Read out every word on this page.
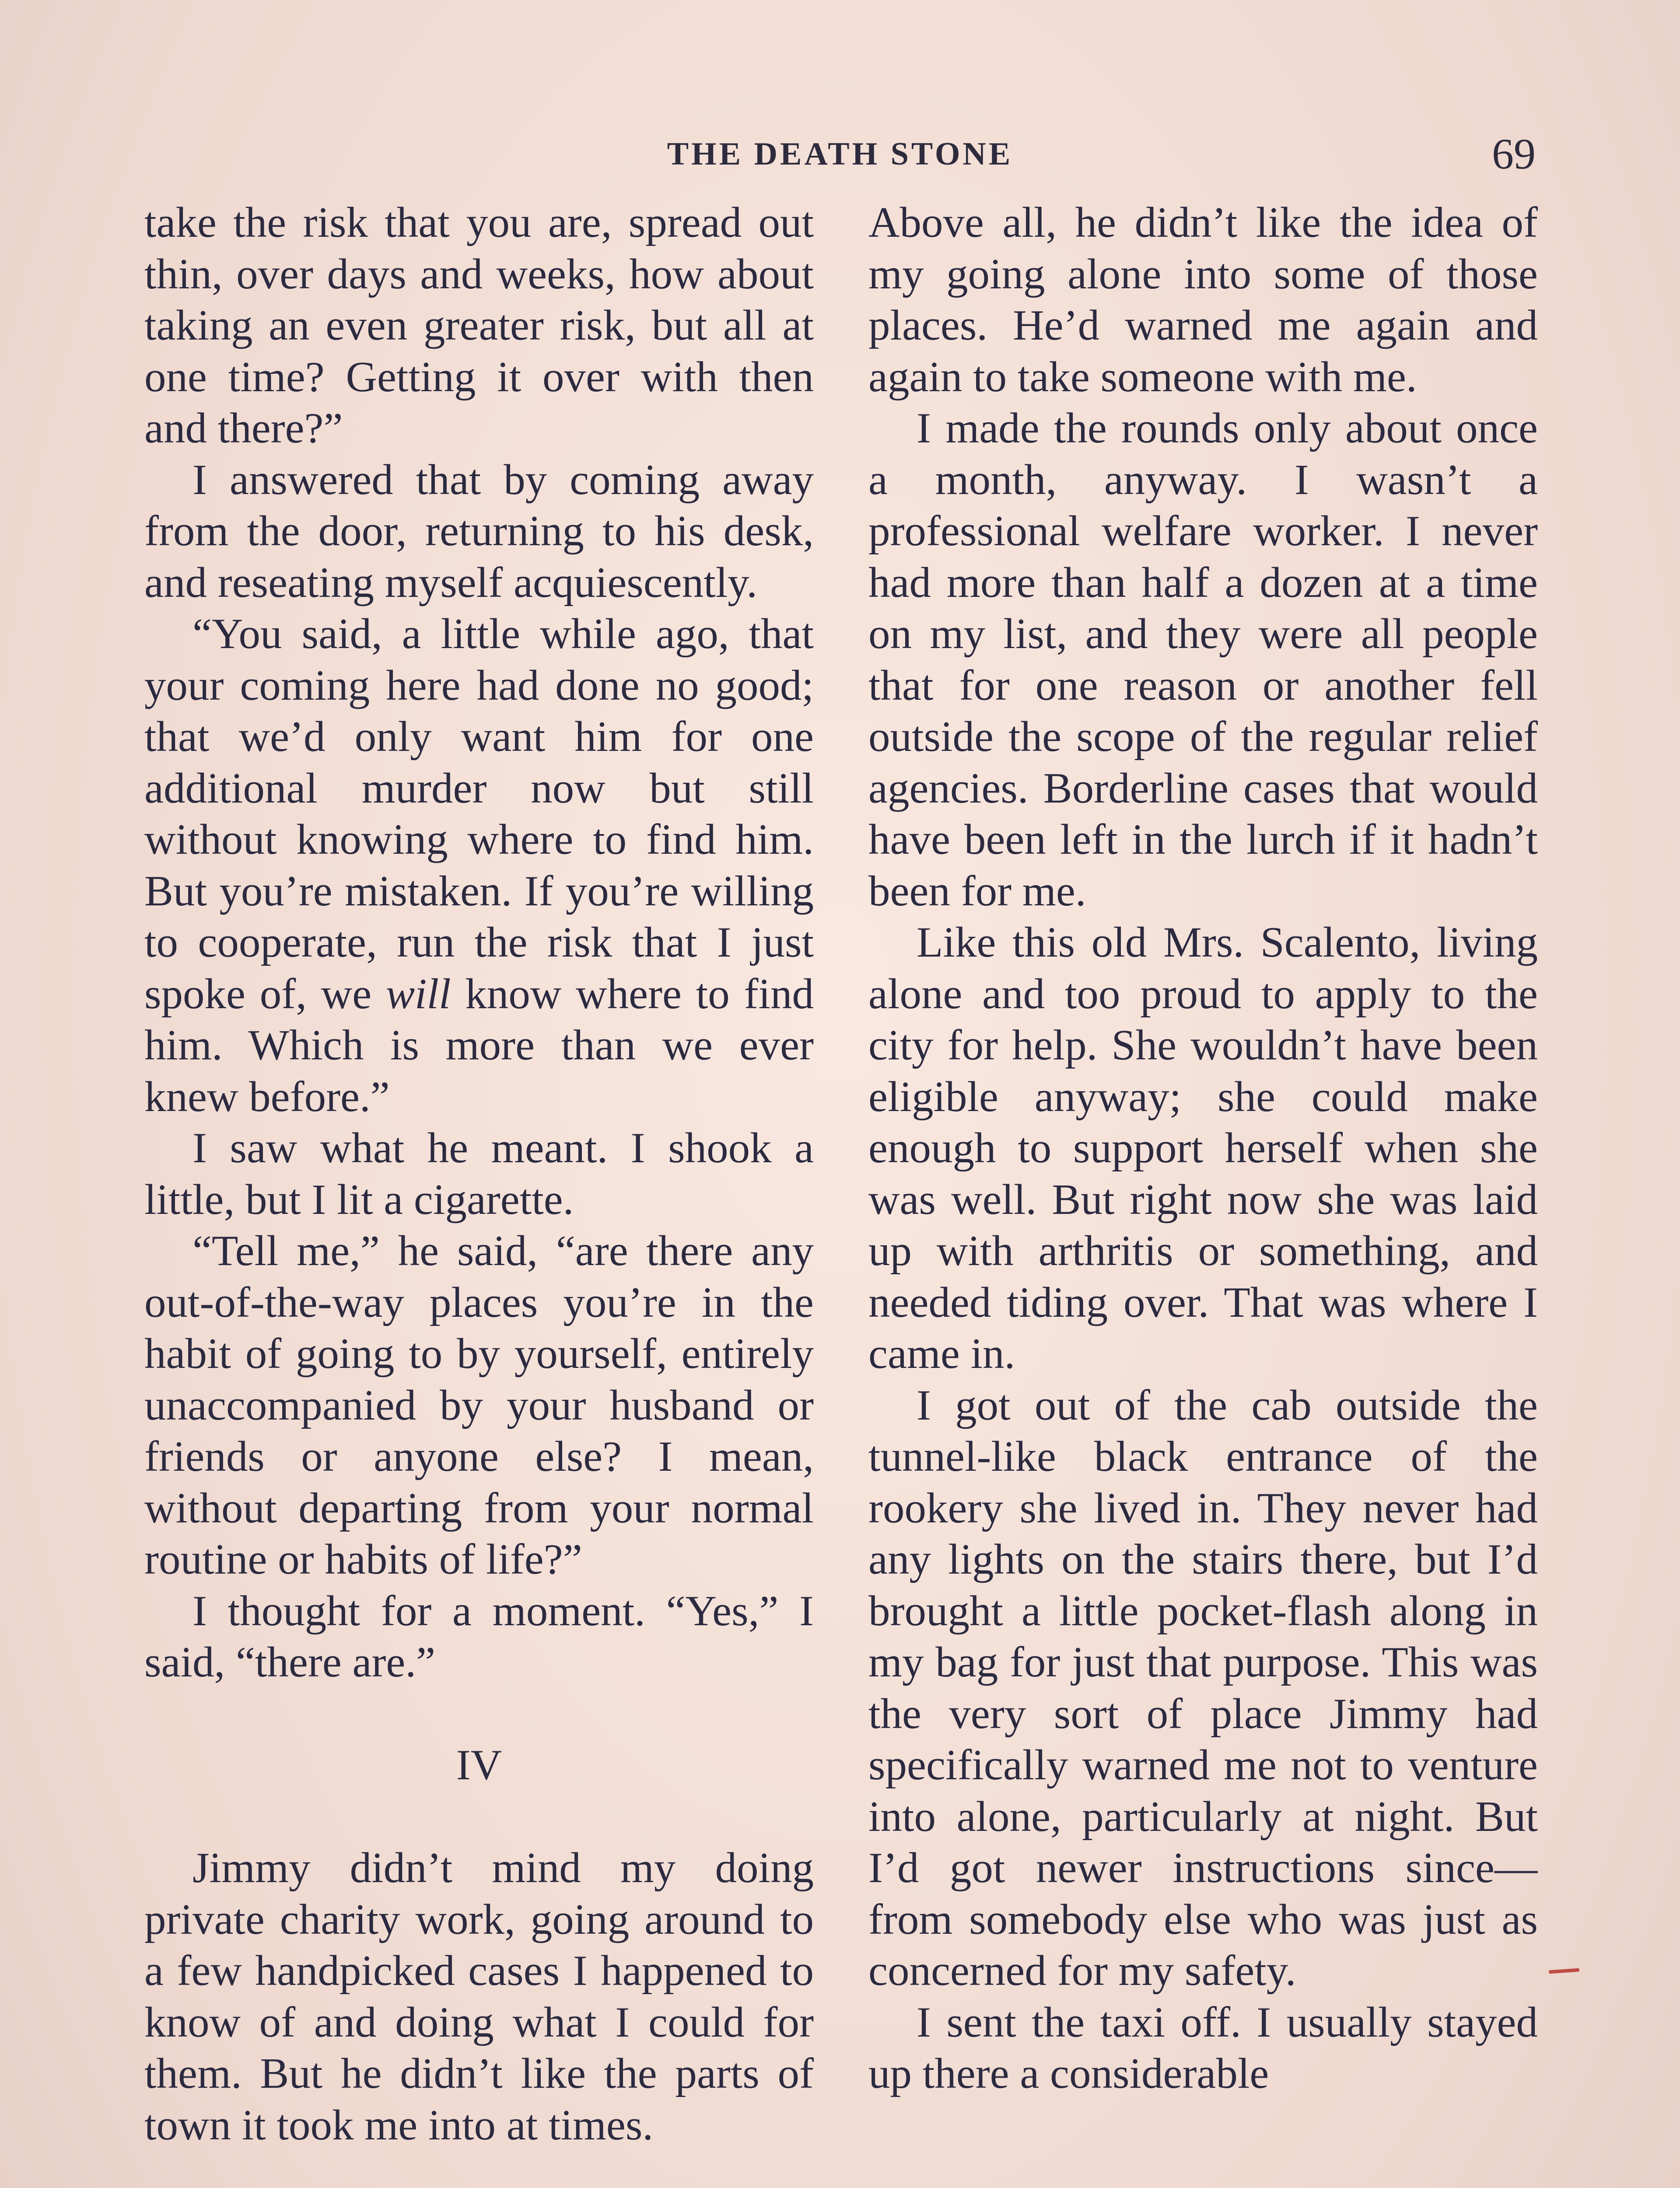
THE DEATH STONE	69

take the risk that you are, spread out thin, over days and weeks, how about taking an even greater risk, but all at one time? Getting it over with then and there?”

I answered that by coming away from the door, returning to his desk, and reseating myself acquiescently.

“You said, a little while ago, that your coming here had done no good; that we’d only want him for one additional murder now but still without knowing where to find him. But you’re mistaken. If you’re willing to cooperate, run the risk that I just spoke of, we will know where to find him. Which is more than we ever knew before.”

I saw what he meant. I shook a little, but I lit a cigarette.

“Tell me,” he said, “are there any out-of-the-way places you’re in the habit of going to by yourself, entirely unaccompanied by your husband or friends or anyone else? I mean, without departing from your normal routine or habits of life?”

I thought for a moment. “Yes,” I said, “there are.”

IV

Jimmy didn’t mind my doing private charity work, going around to a few handpicked cases I happened to know of and doing what I could for them. But he didn’t like the parts of town it took me into at times.

Above all, he didn’t like the idea of my going alone into some of those places. He’d warned me again and again to take someone with me.

I made the rounds only about once a month, anyway. I wasn’t a professional welfare worker. I never had more than half a dozen at a time on my list, and they were all people that for one reason or another fell outside the scope of the regular relief agencies. Borderline cases that would have been left in the lurch if it hadn’t been for me.

Like this old Mrs. Scalento, living alone and too proud to apply to the city for help. She wouldn’t have been eligible anyway; she could make enough to support herself when she was well. But right now she was laid up with arthritis or something, and needed tiding over. That was where I came in.

I got out of the cab outside the tunnel-like black entrance of the rookery she lived in. They never had any lights on the stairs there, but I’d brought a little pocket-flash along in my bag for just that purpose. This was the very sort of place Jimmy had specifically warned me not to venture into alone, particularly at night. But I’d got newer instructions since—from somebody else who was just as concerned for my safety.

I sent the taxi off. I usually stayed up there a considerable
